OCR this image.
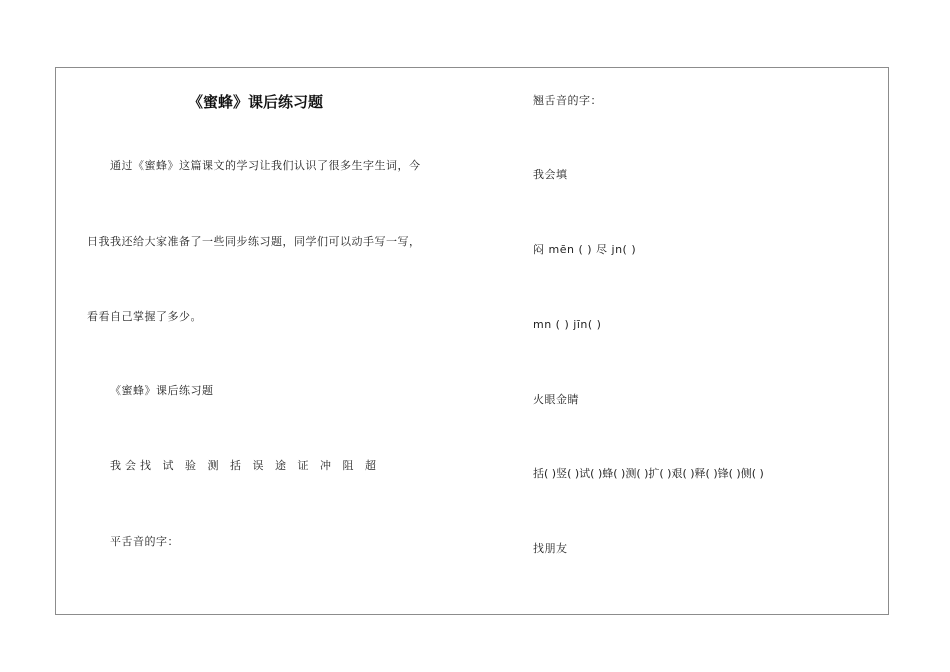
《蜜蜂》课后练习题
通过《蜜蜂》这篇课文的学习让我们认识了很多生字生词，今
日我我还给大家准备了一些同步练习题，同学们可以动手写一写，
看看自己掌握了多少。
《蜜蜂》课后练习题
我会找 试 验 测 括 误 途 证 冲 阻 超
平舌音的字：
翘舌音的字：
我会填
闷 mēn ( ) 尽 jn( )
mn ( ) jīn( )
火眼金睛
括( )竖( )试( )蜂( )测( )扩( )艰( )释( )锋( )侧( )
找朋友
